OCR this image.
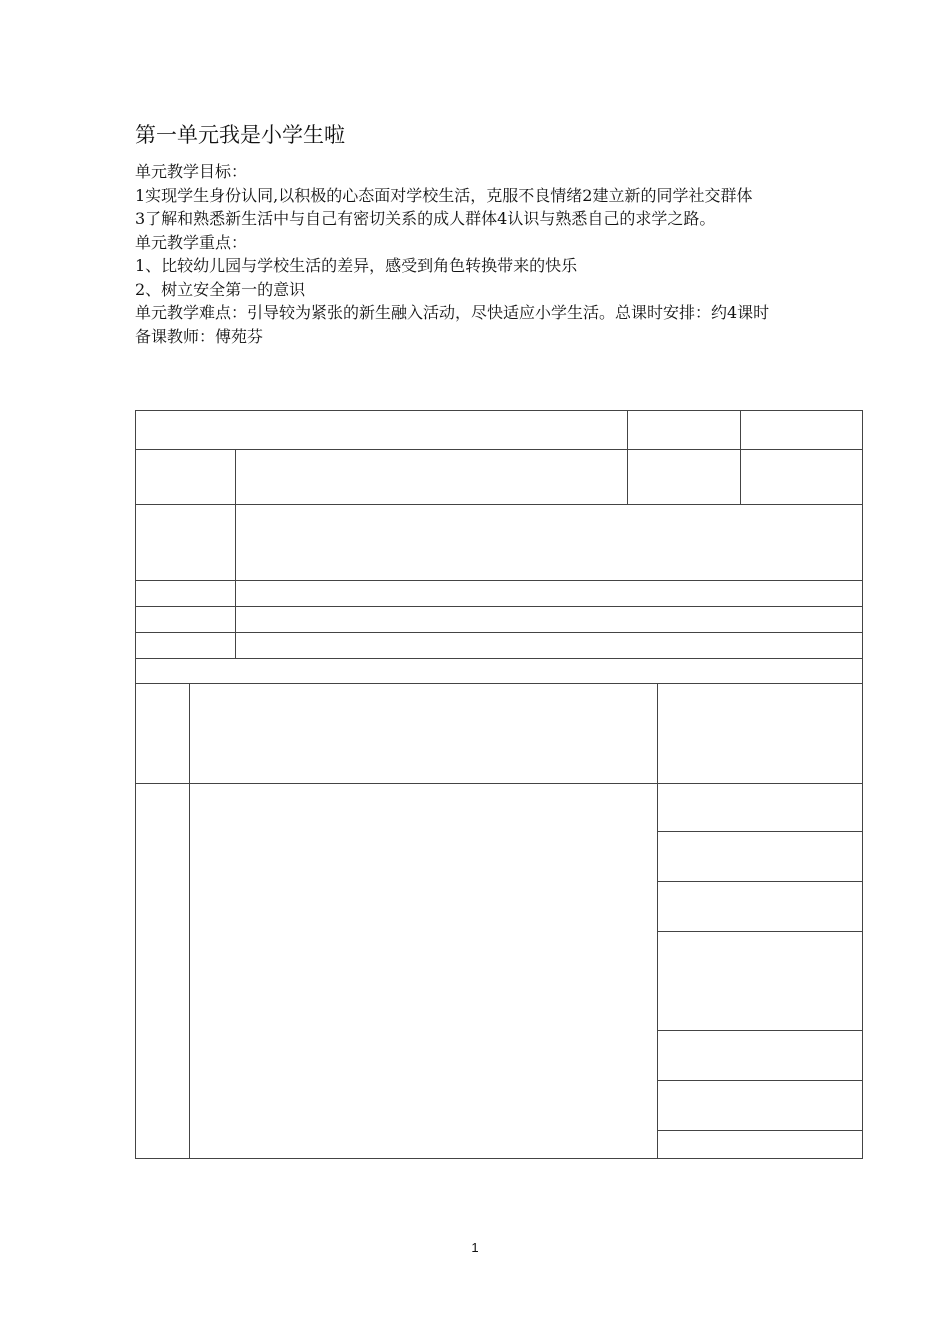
第一单元我是小学生啦

单元教学目标：

1实现学生身份认同,以积极的心态面对学校生活，克服不良情绪2建立新的同学社交群体

3了解和熟悉新生活中与自己有密切关系的成人群体4认识与熟悉自己的求学之路。

单元教学重点：

1、比较幼儿园与学校生活的差异，感受到角色转换带来的快乐

2、树立安全第一的意识

单元教学难点：引导较为紧张的新生融入活动，尽快适应小学生活。总课时安排：约4课时

备课教师：傅苑芬

1
